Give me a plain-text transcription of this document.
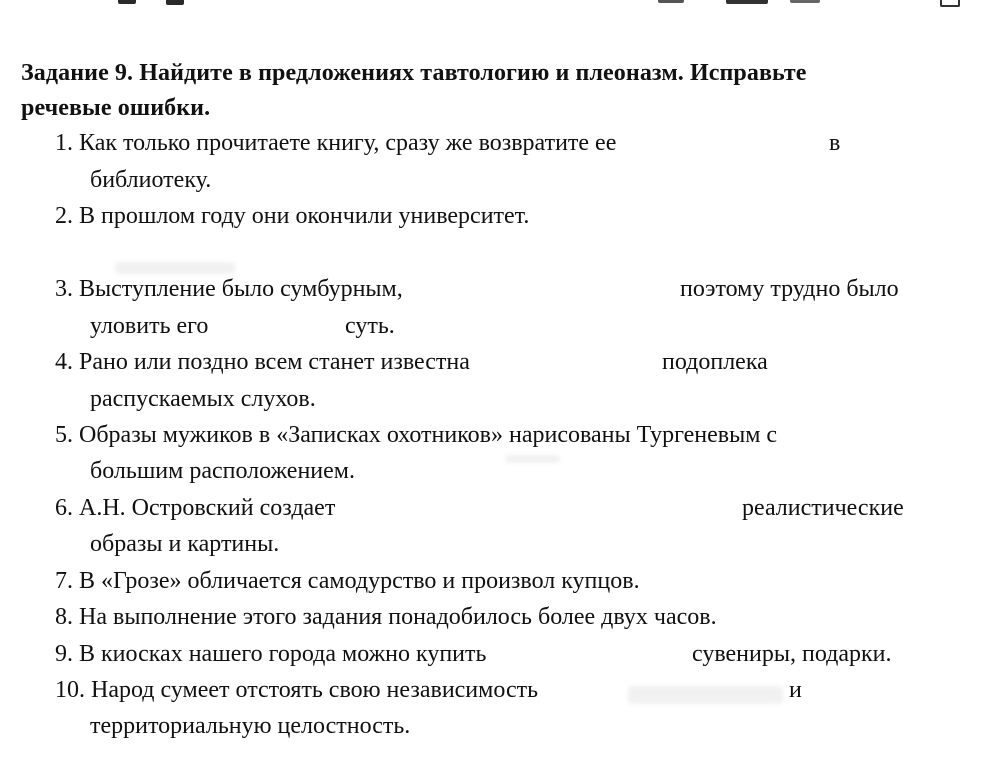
Задание 9. Найдите в предложениях тавтологию и плеоназм. Исправьте
речевые ошибки.
1. Как только прочитаете книгу, сразу же возвратите ее	в
библиотеку.
2. В прошлом году они окончили университет.
3. Выступление было сумбурным,	поэтому трудно было
уловить его	суть.
4. Рано или поздно всем станет известна	подоплека
распускаемых слухов.
5. Образы мужиков в «Записках охотников» нарисованы Тургеневым с
большим расположением.
6. А.Н. Островский создает	реалистические
образы и картины.
7. В «Грозе» обличается самодурство и произвол купцов.
8. На выполнение этого задания понадобилось более двух часов.
9. В киосках нашего города можно купить	сувениры, подарки.
10. Народ сумеет отстоять свою независимость	и
территориальную целостность.
